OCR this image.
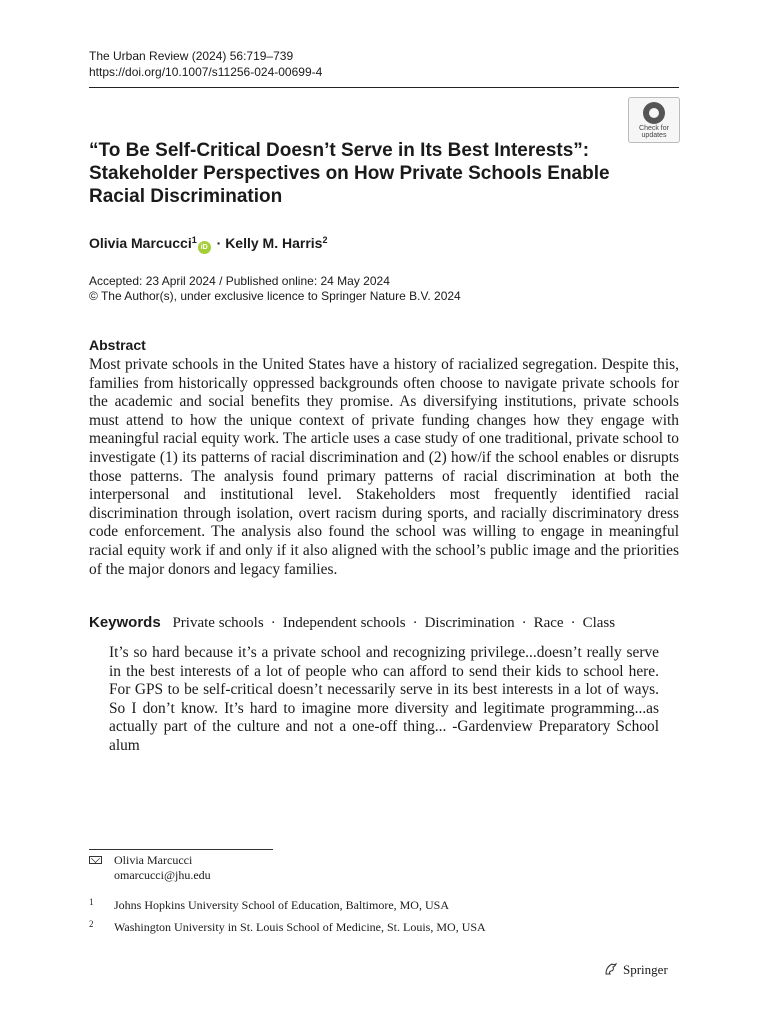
The Urban Review (2024) 56:719–739
https://doi.org/10.1007/s11256-024-00699-4
Check for
updates
“To Be Self-Critical Doesn’t Serve in Its Best Interests”: Stakeholder Perspectives on How Private Schools Enable Racial Discrimination
Olivia Marcucci$^1$iD · Kelly M. Harris$^2$
Accepted: 23 April 2024 / Published online: 24 May 2024
© The Author(s), under exclusive licence to Springer Nature B.V. 2024
Abstract

Most private schools in the United States have a history of racialized segregation. Despite this, families from historically oppressed backgrounds often choose to navigate private schools for the academic and social benefits they promise. As diversifying institutions, private schools must attend to how the unique context of private funding changes how they engage with meaningful racial equity work. The article uses a case study of one traditional, private school to investigate (1) its patterns of racial discrimination and (2) how/if the school enables or disrupts those patterns. The analysis found primary patterns of racial discrimination at both the interpersonal and institutional level. Stakeholders most frequently identified racial discrimination through isolation, overt racism during sports, and racially discriminatory dress code enforcement. The analysis also found the school was willing to engage in meaningful racial equity work if and only if it also aligned with the school’s public image and the priorities of the major donors and legacy families.

Keywords Private schools · Independent schools · Discrimination · Race · Class

It’s so hard because it’s a private school and recognizing privilege...doesn’t really serve in the best interests of a lot of people who can afford to send their kids to school here. For GPS to be self-critical doesn’t necessarily serve in its best interests in a lot of ways. So I don’t know. It’s hard to imagine more diversity and legitimate programming...as actually part of the culture and not a one-off thing... -Gardenview Preparatory School alum

Olivia Marcucci
omarcucci@jhu.edu
1 Johns Hopkins University School of Education, Baltimore, MO, USA
2 Washington University in St. Louis School of Medicine, St. Louis, MO, USA
Springer
